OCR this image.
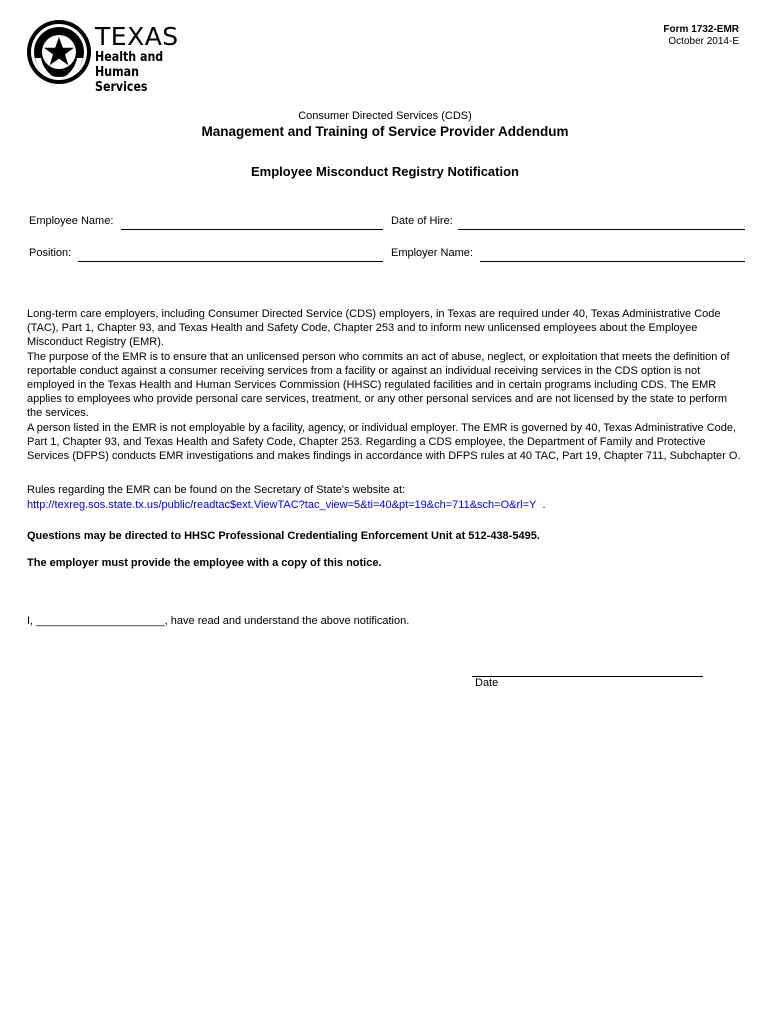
TEXAS
Health and Human
Services
Form 1732-EMR
October 2014-E
Consumer Directed Services (CDS)
Management and Training of Service Provider Addendum
Employee Misconduct Registry Notification
Employee Name:	Date of Hire:
Position:	Employer Name:

Long-term care employers, including Consumer Directed Service (CDS) employers, in Texas are required under 40, Texas Administrative Code (TAC), Part 1, Chapter 93, and Texas Health and Safety Code, Chapter 253 and to inform new unlicensed employees about the Employee Misconduct Registry (EMR).

The purpose of the EMR is to ensure that an unlicensed person who commits an act of abuse, neglect, or exploitation that meets the definition of reportable conduct against a consumer receiving services from a facility or against an individual receiving services in the CDS option is not employed in the Texas Health and Human Services Commission (HHSC) regulated facilities and in certain programs including CDS. The EMR applies to employees who provide personal care services, treatment, or any other personal services and are not licensed by the state to perform the services.

A person listed in the EMR is not employable by a facility, agency, or individual employer. The EMR is governed by 40, Texas Administrative Code, Part 1, Chapter 93, and Texas Health and Safety Code, Chapter 253. Regarding a CDS employee, the Department of Family and Protective Services (DFPS) conducts EMR investigations and makes findings in accordance with DFPS rules at 40 TAC, Part 19, Chapter 711, Subchapter O.

Rules regarding the EMR can be found on the Secretary of State's website at:
http://texreg.sos.state.tx.us/public/readtac$ext.ViewTAC?tac_view=5&ti=40&pt=19&ch=711&sch=O&rl=Y .
Questions may be directed to HHSC Professional Credentialing Enforcement Unit at 512-438-5495.
The employer must provide the employee with a copy of this notice.
I, _____________________, have read and understand the above notification.
Date
